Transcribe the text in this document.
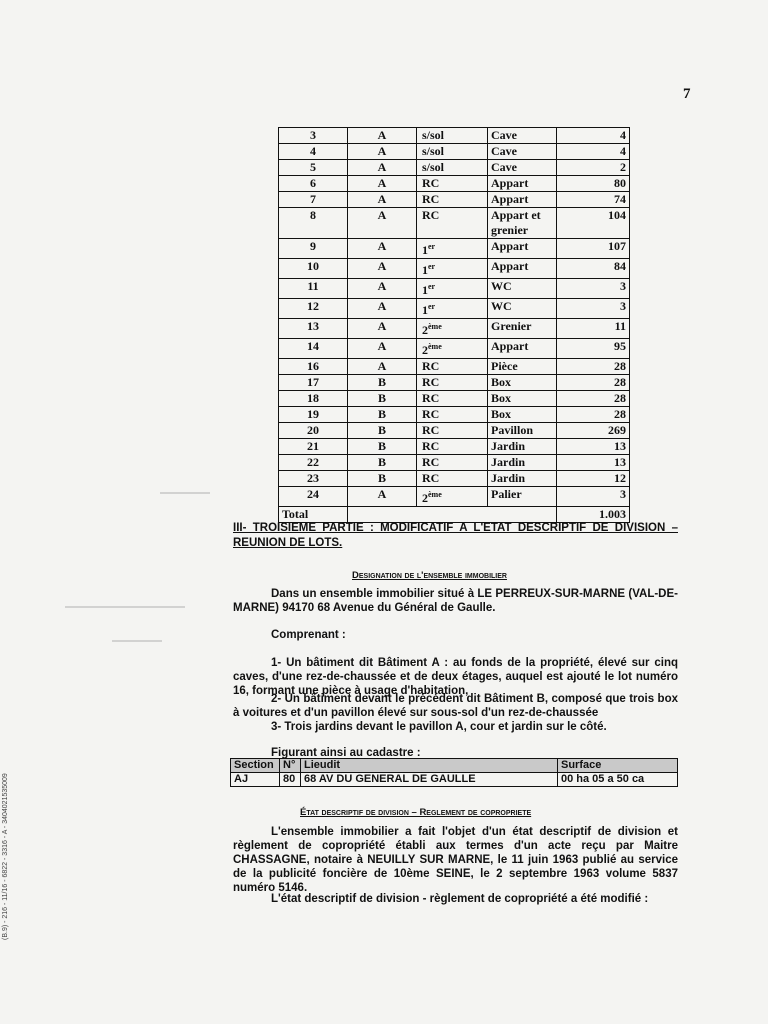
7
(B.9) - 216 - 11/16 - 6822 - 3316 - A - 3404021535009
3	A	s/sol	Cave	4
4	A	s/sol	Cave	4
5	A	s/sol	Cave	2
6	A	RC	Appart	80
7	A	RC	Appart	74
8	A	RC	Appart et grenier	104
9	A	1er	Appart	107
10	A	1er	Appart	84
11	A	1er	WC	3
12	A	1er	WC	3
13	A	2ème	Grenier	11
14	A	2ème	Appart	95
16	A	RC	Pièce	28
17	B	RC	Box	28
18	B	RC	Box	28
19	B	RC	Box	28
20	B	RC	Pavillon	269
21	B	RC	Jardin	13
22	B	RC	Jardin	13
23	B	RC	Jardin	12
24	A	2ème	Palier	3
Total				1.003
III- TROISIEME PARTIE : MODIFICATIF A L'ETAT DESCRIPTIF DE DIVISION – REUNION DE LOTS.
Designation de l'ensemble immobilier
Dans un ensemble immobilier situé à LE PERREUX-SUR-MARNE (VAL-DE-MARNE) 94170 68 Avenue du Général de Gaulle.
Comprenant :
1- Un bâtiment dit Bâtiment A : au fonds de la propriété, élevé sur cinq caves, d'une rez-de-chaussée et de deux étages, auquel est ajouté le lot numéro 16, formant une pièce à usage d'habitation,
2- Un bâtiment devant le précédent dit Bâtiment B, composé que trois box à voitures et d'un pavillon élevé sur sous-sol d'un rez-de-chaussée
3- Trois jardins devant le pavillon A, cour et jardin sur le côté.
Figurant ainsi au cadastre :
Section	N°	Lieudit	Surface
AJ	80	68 AV DU GENERAL DE GAULLE	00 ha 05 a 50 ca
État descriptif de division – Reglement de copropriete
L'ensemble immobilier a fait l'objet d'un état descriptif de division et règlement de copropriété établi aux termes d'un acte reçu par Maitre CHASSAGNE, notaire à NEUILLY SUR MARNE, le 11 juin 1963 publié au service de la publicité foncière de 10ème SEINE, le 2 septembre 1963 volume 5837 numéro 5146.
L'état descriptif de division - règlement de copropriété a été modifié :
